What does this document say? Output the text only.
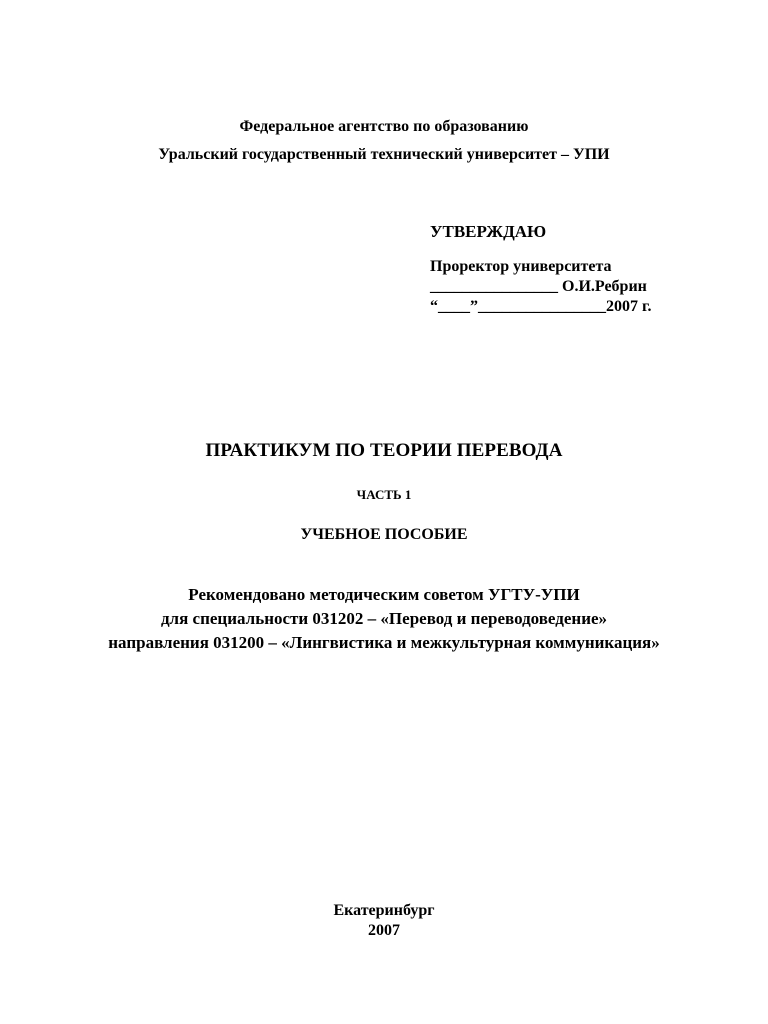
Федеральное агентство по образованию
Уральский государственный технический университет – УПИ
УТВЕРЖДАЮ
Проректор университета
________________ О.И.Ребрин
“____”________________2007 г.
ПРАКТИКУМ ПО ТЕОРИИ ПЕРЕВОДА
ЧАСТЬ 1
УЧЕБНОЕ ПОСОБИЕ
Рекомендовано методическим советом УГТУ-УПИ
для специальности 031202 – «Перевод и переводоведение»
направления 031200 – «Лингвистика и межкультурная коммуникация»
Екатеринбург
2007
